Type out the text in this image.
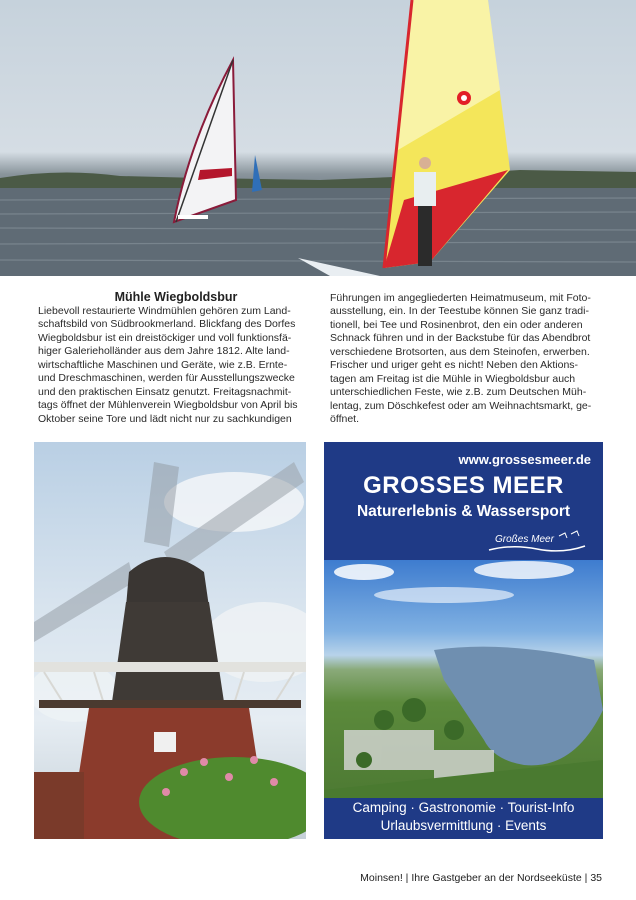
Mühle Wiegboldsbur
Liebevoll restaurierte Windmühlen gehören zum Land-
schaftsbild von Südbrookmerland. Blickfang des Dorfes
Wiegboldsbur ist ein dreistöckiger und voll funktionsfä-
higer Galerieholländer aus dem Jahre 1812. Alte land-
wirtschaftliche Maschinen und Geräte, wie z.B. Ernte-
und Dreschmaschinen, werden für Ausstellungszwecke
und den praktischen Einsatz genutzt. Freitagsnachmit-
tags öffnet der Mühlenverein Wiegboldsbur von April bis
Oktober seine Tore und lädt nicht nur zu sachkundigen
Führungen im angegliederten Heimatmuseum, mit Foto-
ausstellung, ein. In der Teestube können Sie ganz tradi-
tionell, bei Tee und Rosinenbrot, den ein oder anderen
Schnack führen und in der Backstube für das Abendbrot
verschiedene Brotsorten, aus dem Steinofen, erwerben.
Frischer und uriger geht es nicht! Neben den Aktions-
tagen am Freitag ist die Mühle in Wiegboldsbur auch
unterschiedlichen Feste, wie z.B. zum Deutschen Müh-
lentag, zum Döschkefest oder am Weihnachtsmarkt, ge-
öffnet.
www.grossesmeer.de
GROSSES MEER
Naturerlebnis & Wassersport
Großes Meer
Camping · Gastronomie · Tourist-Info
Urlaubsvermittlung · Events
Moinsen! | Ihre Gastgeber an der Nordseeküste | 35
